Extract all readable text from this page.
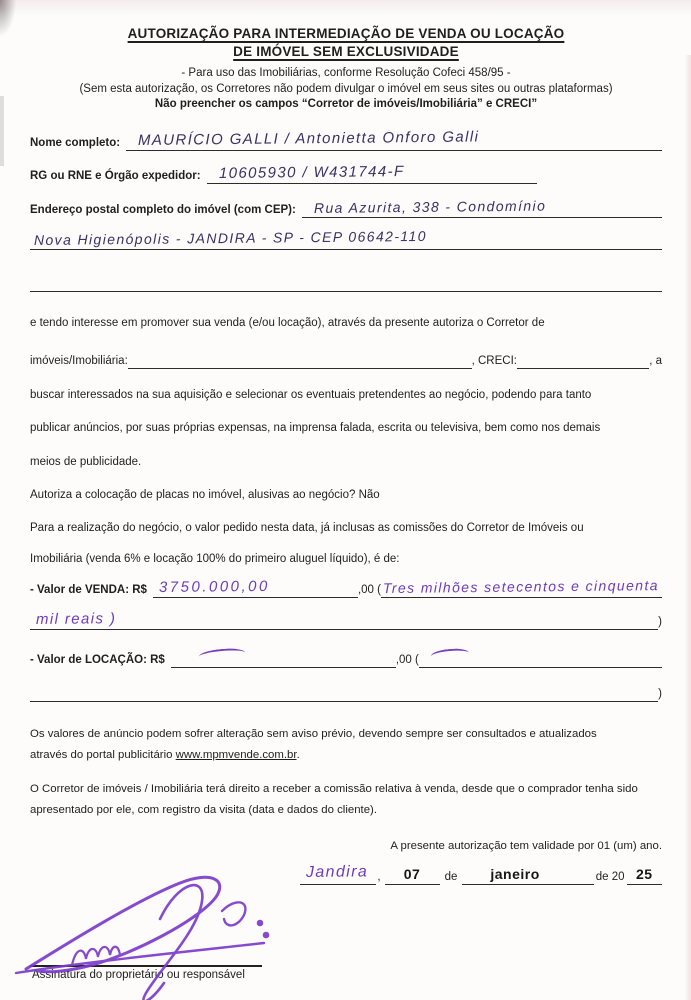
AUTORIZAÇÃO PARA INTERMEDIAÇÃO DE VENDA OU LOCAÇÃO
DE IMÓVEL SEM EXCLUSIVIDADE
- Para uso das Imobiliárias, conforme Resolução Cofeci 458/95 -
(Sem esta autorização, os Corretores não podem divulgar o imóvel em seus sites ou outras plataformas)
Não preencher os campos “Corretor de imóveis/Imobiliária” e CRECI”
Nome completo:	MAURÍCIO GALLI / Antonietta Onforo Galli
RG ou RNE e Órgão expedidor:	10605930 / W431744-F
Endereço postal completo do imóvel (com CEP):	Rua Azurita, 338 - Condomínio
Nova Higienópolis - JANDIRA - SP - CEP 06642-110
e tendo interesse em promover sua venda (e/ou locação), através da presente autoriza o Corretor de
imóveis/Imobiliária:	, CRECI:	, a
buscar interessados na sua aquisição e selecionar os eventuais pretendentes ao negócio, podendo para tanto
publicar anúncios, por suas próprias expensas, na imprensa falada, escrita ou televisiva, bem como nos demais
meios de publicidade.
Autoriza a colocação de placas no imóvel, alusivas ao negócio? Não
Para a realização do negócio, o valor pedido nesta data, já inclusas as comissões do Corretor de Imóveis ou
Imobiliária (venda 6% e locação 100% do primeiro aluguel líquido), é de:
- Valor de VENDA: R$ 3750.000,00	,00 ( Tres milhões setecentos e cinquenta
mil reais )	)
- Valor de LOCAÇÃO: R$	,00 (
)
Os valores de anúncio podem sofrer alteração sem aviso prévio, devendo sempre ser consultados e atualizados
através do portal publicitário www.mpmvende.com.br.
O Corretor de imóveis / Imobiliária terá direito a receber a comissão relativa à venda, desde que o comprador tenha sido apresentado por ele, com registro da visita (data e dados do cliente).
A presente autorização tem validade por 01 (um) ano.
Jandira ,	07	de	janeiro	de 20 25
Assinatura do proprietário ou responsável
